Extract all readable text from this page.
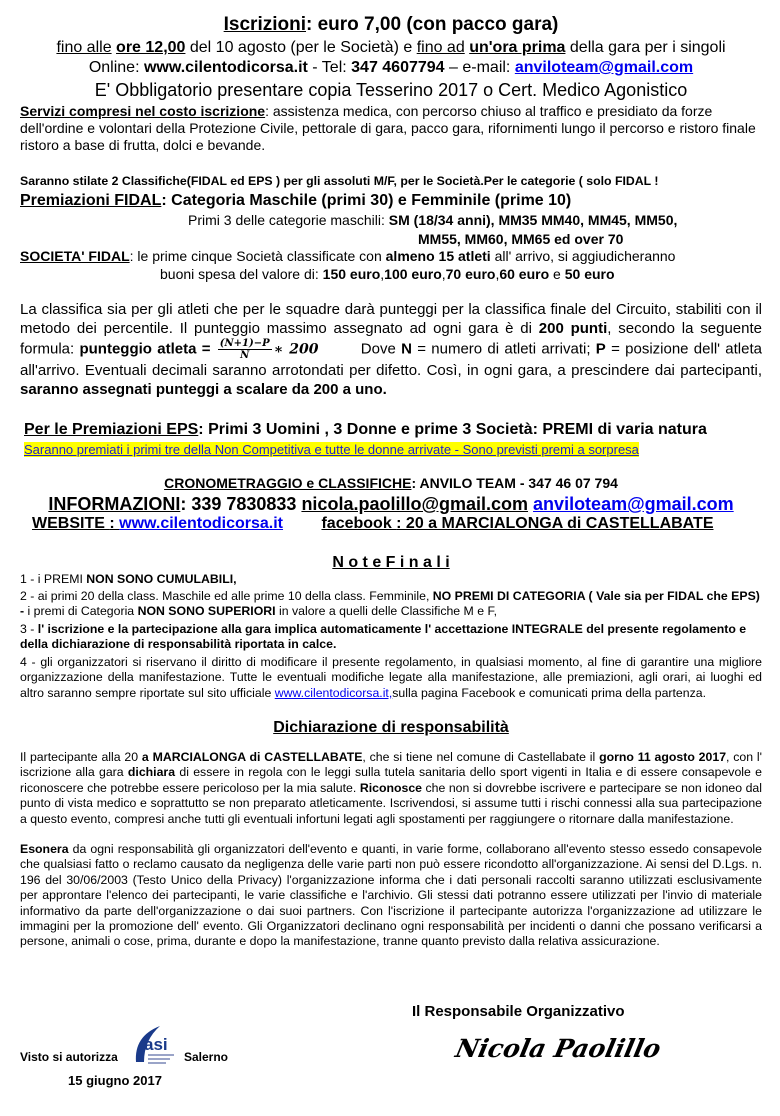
Iscrizioni: euro 7,00 (con pacco gara)
fino alle ore 12,00 del 10 agosto (per le Società) e fino ad un'ora prima della gara per i singoli
Online: www.cilentodicorsa.it - Tel: 347 4607794 – e-mail: anviloteam@gmail.com
E' Obbligatorio presentare copia Tesserino 2017 o Cert. Medico Agonistico
Servizi compresi nel costo iscrizione: assistenza medica, con percorso chiuso al traffico e presidiato da forze dell'ordine e volontari della Protezione Civile, pettorale di gara, pacco gara, rifornimenti lungo il percorso e ristoro finale ristoro a base di frutta, dolci e bevande.
Saranno stilate 2 Classifiche(FIDAL ed EPS ) per gli assoluti M/F, per le Società.Per le categorie ( solo FIDAL !
Premiazioni FIDAL: Categoria Maschile (primi 30) e Femminile (prime 10)
Primi 3 delle categorie maschili: SM (18/34 anni), MM35 MM40, MM45, MM50,
MM55, MM60, MM65 ed over 70
SOCIETA' FIDAL: le prime cinque Società classificate con almeno 15 atleti all' arrivo, si aggiudicheranno
buoni spesa del valore di: 150 euro,100 euro,70 euro,60 euro e 50 euro
La classifica sia per gli atleti che per le squadre darà punteggi per la classifica finale del Circuito, stabiliti con il metodo dei percentile. Il punteggio massimo assegnato ad ogni gara è di 200 punti, secondo la seguente formula: punteggio atleta = $\frac{(N+1)-P}{N}$ ∗ 200	Dove N = numero di atleti arrivati; P = posizione dell' atleta all'arrivo. Eventuali decimali saranno arrotondati per difetto. Così, in ogni gara, a prescindere dai partecipanti, saranno assegnati punteggi a scalare da 200 a uno.
Per le Premiazioni EPS: Primi 3 Uomini , 3 Donne e prime 3 Società: PREMI di varia natura
Saranno premiati i primi tre della Non Competitiva e tutte le donne arrivate - Sono previsti premi a sorpresa
CRONOMETRAGGIO e CLASSIFICHE: ANVILO TEAM - 347 46 07 794
INFORMAZIONI: 339 7830833 nicola.paolillo@gmail.com anviloteam@gmail.com
WEBSITE : www.cilentodicorsa.it facebook : 20 a MARCIALONGA di CASTELLABATE
N o t e F i n a l i
1 - i PREMI NON SONO CUMULABILI,
2 - ai primi 20 della class. Maschile ed alle prime 10 della class. Femminile, NO PREMI DI CATEGORIA ( Vale sia per FIDAL che EPS) - i premi di Categoria NON SONO SUPERIORI in valore a quelli delle Classifiche M e F,
3 - l' iscrizione e la partecipazione alla gara implica automaticamente l' accettazione INTEGRALE del presente regolamento e della dichiarazione di responsabilità riportata in calce.
4 - gli organizzatori si riservano il diritto di modificare il presente regolamento, in qualsiasi momento, al fine di garantire una migliore organizzazione della manifestazione. Tutte le eventuali modifiche legate alla manifestazione, alle premiazioni, agli orari, ai luoghi ed altro saranno sempre riportate sul sito ufficiale www.cilentodicorsa.it,sulla pagina Facebook e comunicati prima della partenza.
Dichiarazione di responsabilità
Il partecipante alla 20 a MARCIALONGA di CASTELLABATE, che si tiene nel comune di Castellabate il gorno 11 agosto 2017, con l' iscrizione alla gara dichiara di essere in regola con le leggi sulla tutela sanitaria dello sport vigenti in Italia e di essere consapevole e riconoscere che potrebbe essere pericoloso per la mia salute. Riconosce che non si dovrebbe iscrivere e partecipare se non idoneo dal punto di vista medico e soprattutto se non preparato atleticamente. Iscrivendosi, si assume tutti i rischi connessi alla sua partecipazione a questo evento, compresi anche tutti gli eventuali infortuni legati agli spostamenti per raggiungere o ritornare dalla manifestazione.
Esonera da ogni responsabilità gli organizzatori dell'evento e quanti, in varie forme, collaborano all'evento stesso essedo consapevole che qualsiasi fatto o reclamo causato da negligenza delle varie parti non può essere ricondotto all'organizzazione. Ai sensi del D.Lgs. n. 196 del 30/06/2003 (Testo Unico della Privacy) l'organizzazione informa che i dati personali raccolti saranno utilizzati esclusivamente per approntare l'elenco dei partecipanti, le varie classifiche e l'archivio. Gli stessi dati potranno essere utilizzati per l'invio di materiale informativo da parte dell'organizzazione o dai suoi partners. Con l'iscrizione il partecipante autorizza l'organizzazione ad utilizzare le immagini per la promozione dell' evento. Gli Organizzatori declinano ogni responsabilità per incidenti o danni che possano verificarsi a persone, animali o cose, prima, durante e dopo la manifestazione, tranne quanto previsto dalla relativa assicurazione.
Il Responsabile Organizzativo
Visto si autorizza
asi
Salerno
15 giugno 2017
Nicola Paolillo
